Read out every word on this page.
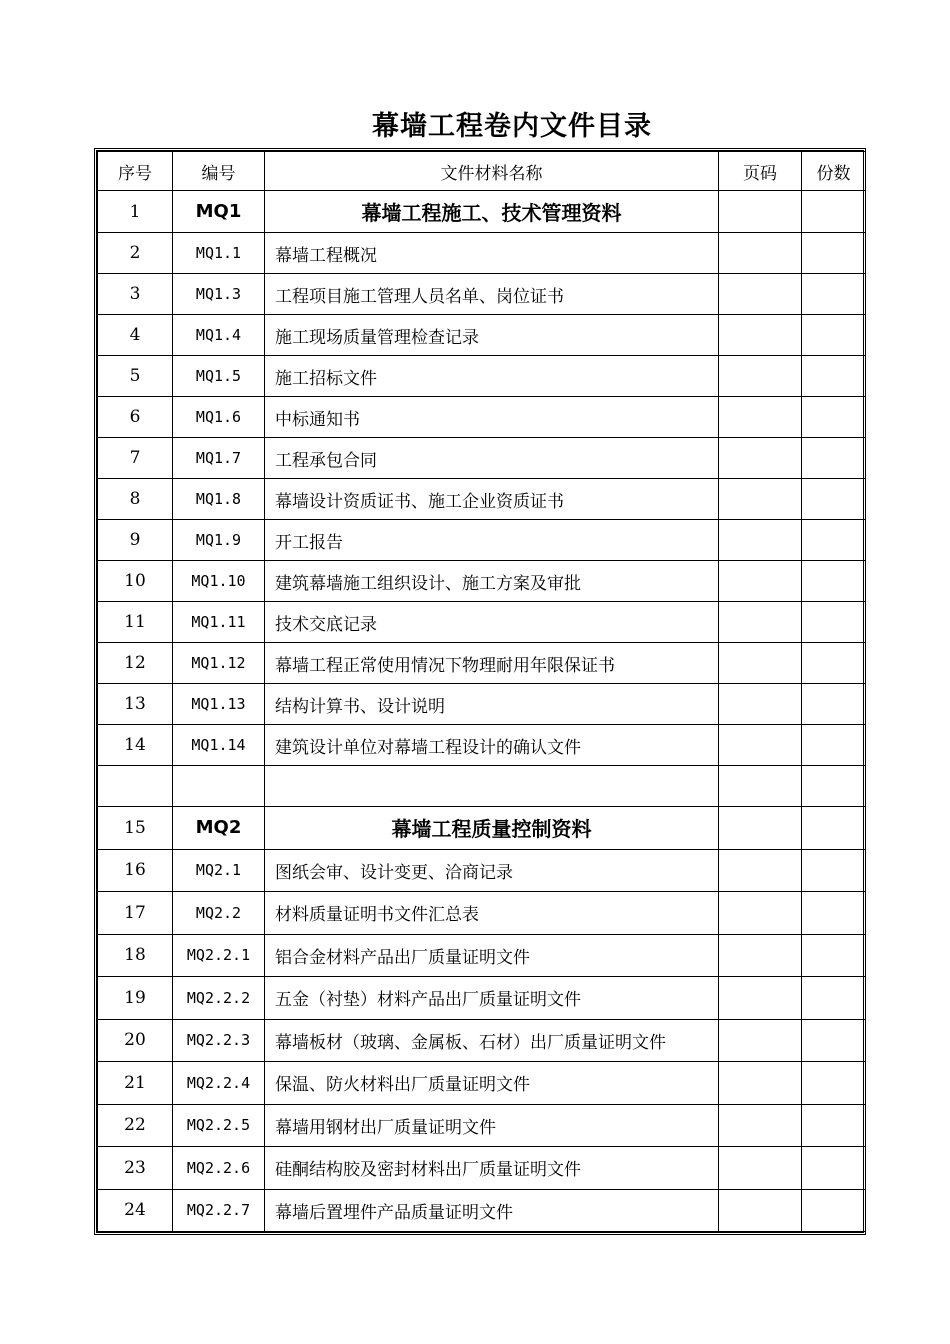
幕墙工程卷内文件目录
序号	编号	文件材料名称	页码	份数
1	MQ1	幕墙工程施工、技术管理资料		
2	MQ1.1	幕墙工程概况		
3	MQ1.3	工程项目施工管理人员名单、岗位证书		
4	MQ1.4	施工现场质量管理检查记录		
5	MQ1.5	施工招标文件		
6	MQ1.6	中标通知书		
7	MQ1.7	工程承包合同		
8	MQ1.8	幕墙设计资质证书、施工企业资质证书		
9	MQ1.9	开工报告		
10	MQ1.10	建筑幕墙施工组织设计、施工方案及审批		
11	MQ1.11	技术交底记录		
12	MQ1.12	幕墙工程正常使用情况下物理耐用年限保证书		
13	MQ1.13	结构计算书、设计说明		
14	MQ1.14	建筑设计单位对幕墙工程设计的确认文件		

15	MQ2	幕墙工程质量控制资料		
16	MQ2.1	图纸会审、设计变更、洽商记录		
17	MQ2.2	材料质量证明书文件汇总表		
18	MQ2.2.1	铝合金材料产品出厂质量证明文件		
19	MQ2.2.2	五金（衬垫）材料产品出厂质量证明文件		
20	MQ2.2.3	幕墙板材（玻璃、金属板、石材）出厂质量证明文件		
21	MQ2.2.4	保温、防火材料出厂质量证明文件		
22	MQ2.2.5	幕墙用钢材出厂质量证明文件		
23	MQ2.2.6	硅酮结构胶及密封材料出厂质量证明文件		
24	MQ2.2.7	幕墙后置埋件产品质量证明文件		
